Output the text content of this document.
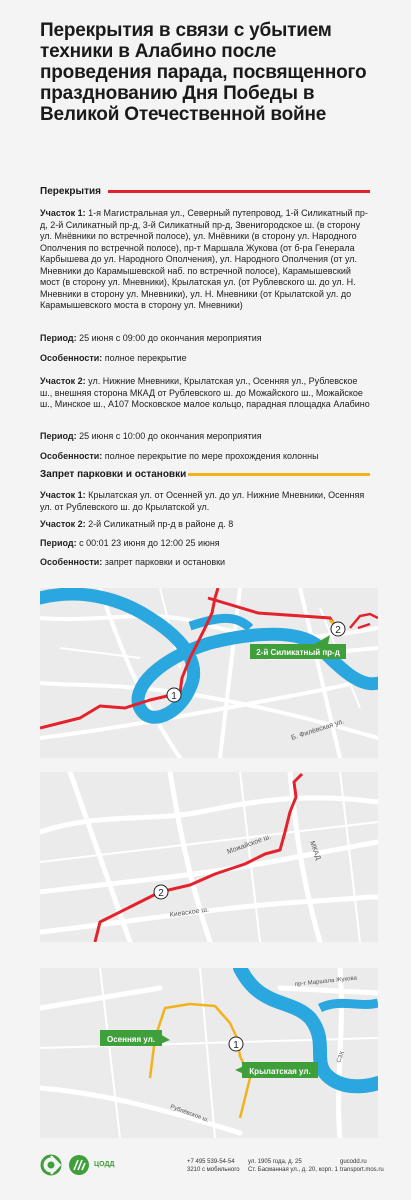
Перекрытия в связи с убытием техники в Алабино после проведения парада, посвященного празднованию Дня Победы в Великой Отечественной войне
Перекрытия
Участок 1: 1-я Магистральная ул., Северный путепровод, 1-й Силикатный пр-д, 2-й Силикатный пр-д, 3-й Силикатный пр-д, Звенигородское ш. (в сторону ул. Мнёвники по встречной полосе), ул. Мнёвники (в сторону ул. Народного Ополчения по встречной полосе), пр-т Маршала Жукова (от б-ра Генерала Карбышева до ул. Народного Ополчения), ул. Народного Ополчения (от ул. Мневники до Карамышевской наб. по встречной полосе), Карамышевский мост (в сторону ул. Мневники), Крылатская ул. (от Рублевского ш. до ул. Н. Мневники в сторону ул. Мневники), ул. Н. Мневники (от Крылатской ул. до Карамышевского моста в сторону ул. Мневники)
Период: 25 июня с 09:00 до окончания мероприятия
Особенности: полное перекрытие
Участок 2: ул. Нижние Мневники, Крылатская ул., Осенняя ул., Рублевское ш., внешняя сторона МКАД от Рублевского ш. до Можайского ш., Можайское ш., Минское ш., А107 Московское малое кольцо, парадная площадка Алабино
Период: 25 июня с 10:00 до окончания мероприятия
Особенности: полное перекрытие по мере прохождения колонны
Запрет парковки и остановки
Участок 1: Крылатская ул. от Осенней ул. до ул. Нижние Мневники, Осенняя ул. от Рублевского ш. до Крылатской ул.
Участок 2: 2-й Силикатный пр-д в районе д. 8
Период: с 00:01 23 июня до 12:00 25 июня
Особенности: запрет парковки и остановки
1
2
2-й Силикатный пр-д
Б. Филёвская ул.
2
Можайское ш.	МКАД
Киевское ш.
1
Осенняя ул.
Крылатская ул.
пр-т Маршала Жукова
СЗХ
Рублёвское ш.
ЦОДД	+7 495 539-54-54
3210 с мобильного
ул. 1905 года, д. 25
Ст. Басманная ул., д. 20, корп. 1
gucodd.ru
transport.mos.ru
